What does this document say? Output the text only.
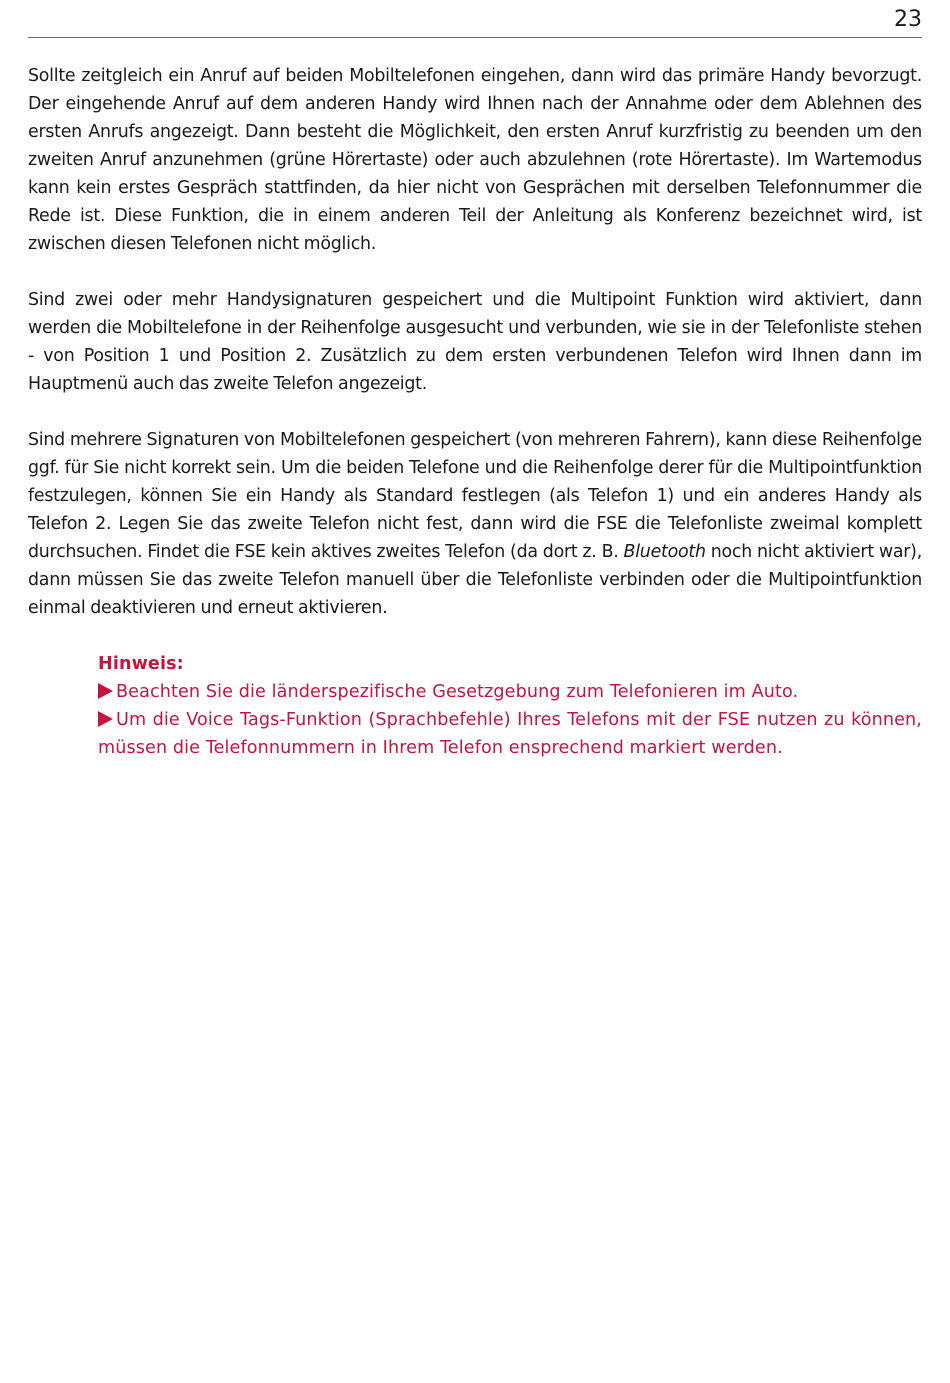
23

Sollte zeitgleich ein Anruf auf beiden Mobiltelefonen eingehen, dann wird das primäre Handy bevorzugt. Der eingehende Anruf auf dem anderen Handy wird Ihnen nach der Annahme oder dem Ablehnen des ersten Anrufs angezeigt. Dann besteht die Möglichkeit, den ersten Anruf kurzfristig zu beenden um den zweiten Anruf anzunehmen (grüne Hörertaste) oder auch abzulehnen (rote Hörertaste). Im Wartemodus kann kein erstes Gespräch stattfinden, da hier nicht von Gesprächen mit derselben Telefonnummer die Rede ist. Diese Funktion, die in einem anderen Teil der Anleitung als Konferenz bezeichnet wird, ist zwischen diesen Telefonen nicht möglich.

Sind zwei oder mehr Handysignaturen gespeichert und die Multipoint Funktion wird aktiviert, dann werden die Mobiltelefone in der Reihenfolge ausgesucht und verbunden, wie sie in der Telefonliste stehen - von Position 1 und Position 2. Zusätzlich zu dem ersten verbundenen Telefon wird Ihnen dann im Hauptmenü auch das zweite Telefon angezeigt.

Sind mehrere Signaturen von Mobiltelefonen gespeichert (von mehreren Fahrern), kann diese Reihenfolge ggf. für Sie nicht korrekt sein. Um die beiden Telefone und die Reihenfolge derer für die Multipointfunktion festzulegen, können Sie ein Handy als Standard festlegen (als Telefon 1) und ein anderes Handy als Telefon 2. Legen Sie das zweite Telefon nicht fest, dann wird die FSE die Telefonliste zweimal komplett durchsuchen. Findet die FSE kein aktives zweites Telefon (da dort z. B. Bluetooth noch nicht aktiviert war), dann müssen Sie das zweite Telefon manuell über die Telefonliste verbinden oder die Multipointfunktion einmal deaktivieren und erneut aktivieren.

Hinweis:

Beachten Sie die länderspezifische Gesetzgebung zum Telefonieren im Auto.

Um die Voice Tags-Funktion (Sprachbefehle) Ihres Telefons mit der FSE nutzen zu können, müssen die Telefonnummern in Ihrem Telefon ensprechend markiert werden.
